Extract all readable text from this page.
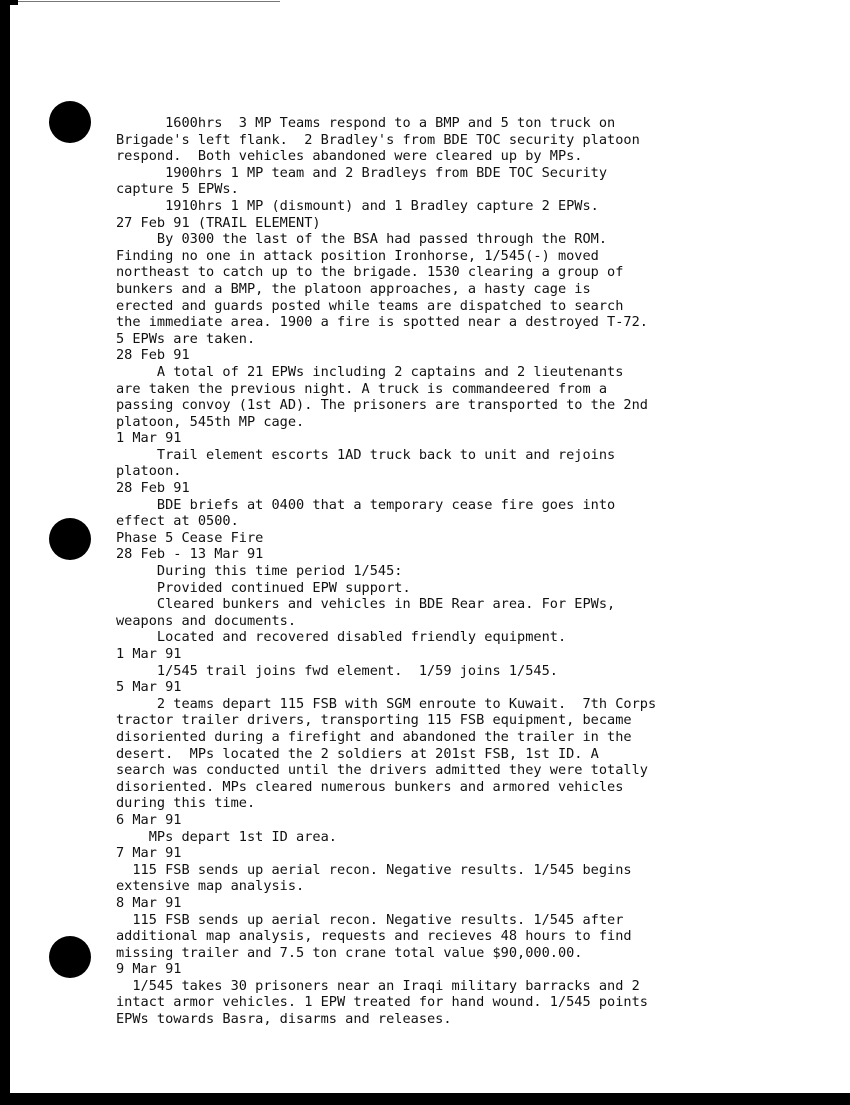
1600hrs  3 MP Teams respond to a BMP and 5 ton truck on
Brigade's left flank.  2 Bradley's from BDE TOC security platoon
respond.  Both vehicles abandoned were cleared up by MPs.
1900hrs 1 MP team and 2 Bradleys from BDE TOC Security
capture 5 EPWs.
1910hrs 1 MP (dismount) and 1 Bradley capture 2 EPWs.
27 Feb 91 (TRAIL ELEMENT)
By 0300 the last of the BSA had passed through the ROM.
Finding no one in attack position Ironhorse, 1/545(-) moved
northeast to catch up to the brigade. 1530 clearing a group of
bunkers and a BMP, the platoon approaches, a hasty cage is
erected and guards posted while teams are dispatched to search
the immediate area. 1900 a fire is spotted near a destroyed T-72.
5 EPWs are taken.
28 Feb 91
A total of 21 EPWs including 2 captains and 2 lieutenants
are taken the previous night. A truck is commandeered from a
passing convoy (1st AD). The prisoners are transported to the 2nd
platoon, 545th MP cage.
1 Mar 91
Trail element escorts 1AD truck back to unit and rejoins
platoon.
28 Feb 91
BDE briefs at 0400 that a temporary cease fire goes into
effect at 0500.
Phase 5 Cease Fire
28 Feb - 13 Mar 91
During this time period 1/545:
Provided continued EPW support.
Cleared bunkers and vehicles in BDE Rear area. For EPWs,
weapons and documents.
Located and recovered disabled friendly equipment.
1 Mar 91
1/545 trail joins fwd element.  1/59 joins 1/545.
5 Mar 91
2 teams depart 115 FSB with SGM enroute to Kuwait.  7th Corps
tractor trailer drivers, transporting 115 FSB equipment, became
disoriented during a firefight and abandoned the trailer in the
desert.  MPs located the 2 soldiers at 201st FSB, 1st ID. A
search was conducted until the drivers admitted they were totally
disoriented. MPs cleared numerous bunkers and armored vehicles
during this time.
6 Mar 91
MPs depart 1st ID area.
7 Mar 91
115 FSB sends up aerial recon. Negative results. 1/545 begins
extensive map analysis.
8 Mar 91
115 FSB sends up aerial recon. Negative results. 1/545 after
additional map analysis, requests and recieves 48 hours to find
missing trailer and 7.5 ton crane total value $90,000.00.
9 Mar 91
1/545 takes 30 prisoners near an Iraqi military barracks and 2
intact armor vehicles. 1 EPW treated for hand wound. 1/545 points
EPWs towards Basra, disarms and releases.
